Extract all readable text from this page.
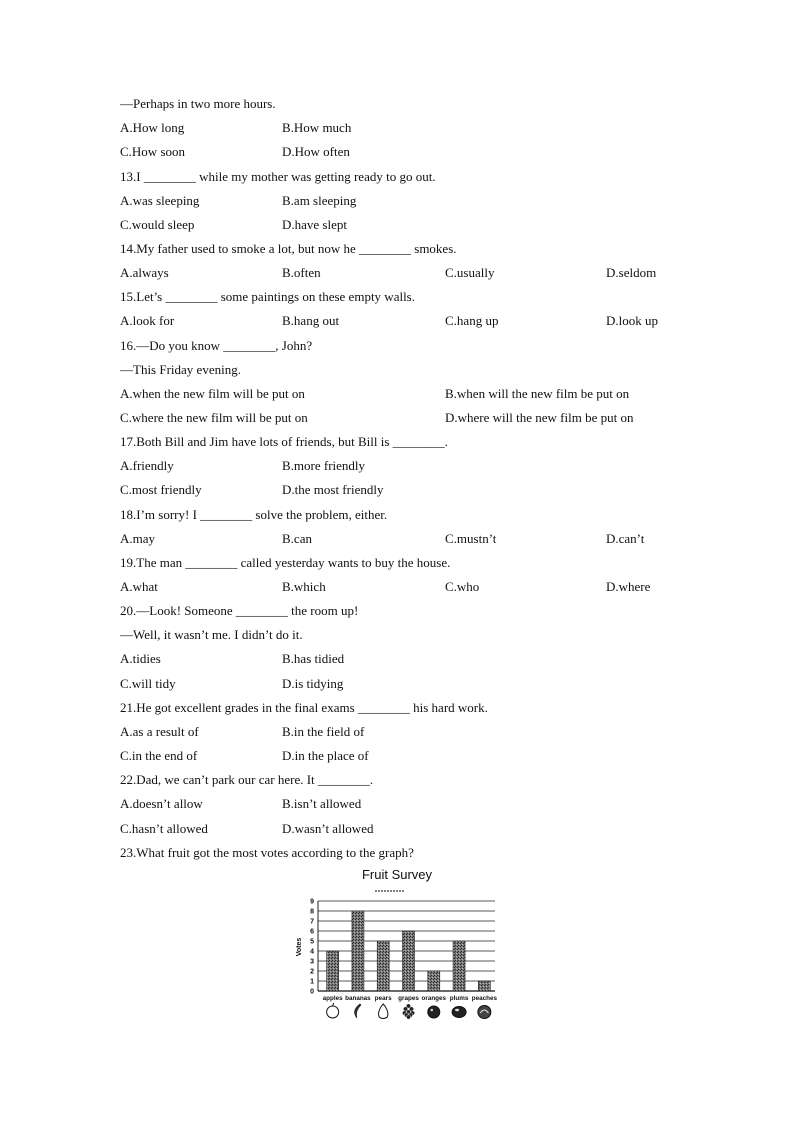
—Perhaps in two more hours.
A.How long	B.How much
C.How soon	D.How often
13.I ________ while my mother was getting ready to go out.
A.was sleeping	B.am sleeping
C.would sleep	D.have slept
14.My father used to smoke a lot, but now he ________ smokes.
A.always	B.often	C.usually	D.seldom
15.Let’s ________ some paintings on these empty walls.
A.look for	B.hang out	C.hang up	D.look up
16.—Do you know ________, John?
—This Friday evening.
A.when the new film will be put on	B.when will the new film be put on
C.where the new film will be put on	D.where will the new film be put on
17.Both Bill and Jim have lots of friends, but Bill is ________.
A.friendly	B.more friendly
C.most friendly	D.the most friendly
18.I’m sorry! I ________ solve the problem, either.
A.may	B.can	C.mustn’t	D.can’t
19.The man ________ called yesterday wants to buy the house.
A.what	B.which	C.who	D.where
20.—Look! Someone ________ the room up!
—Well, it wasn’t me. I didn’t do it.
A.tidies	B.has tidied
C.will tidy	D.is tidying
21.He got excellent grades in the final exams ________ his hard work.
A.as a result of	B.in the field of
C.in the end of	D.in the place of
22.Dad, we can’t park our car here. It ________.
A.doesn’t allow	B.isn’t allowed
C.hasn’t allowed	D.wasn’t allowed
23.What fruit got the most votes according to the graph?
Fruit Survey
0
1
2
3
4
5
6
7
8
9
Votes
apples bananas pears grapes oranges plums peaches
